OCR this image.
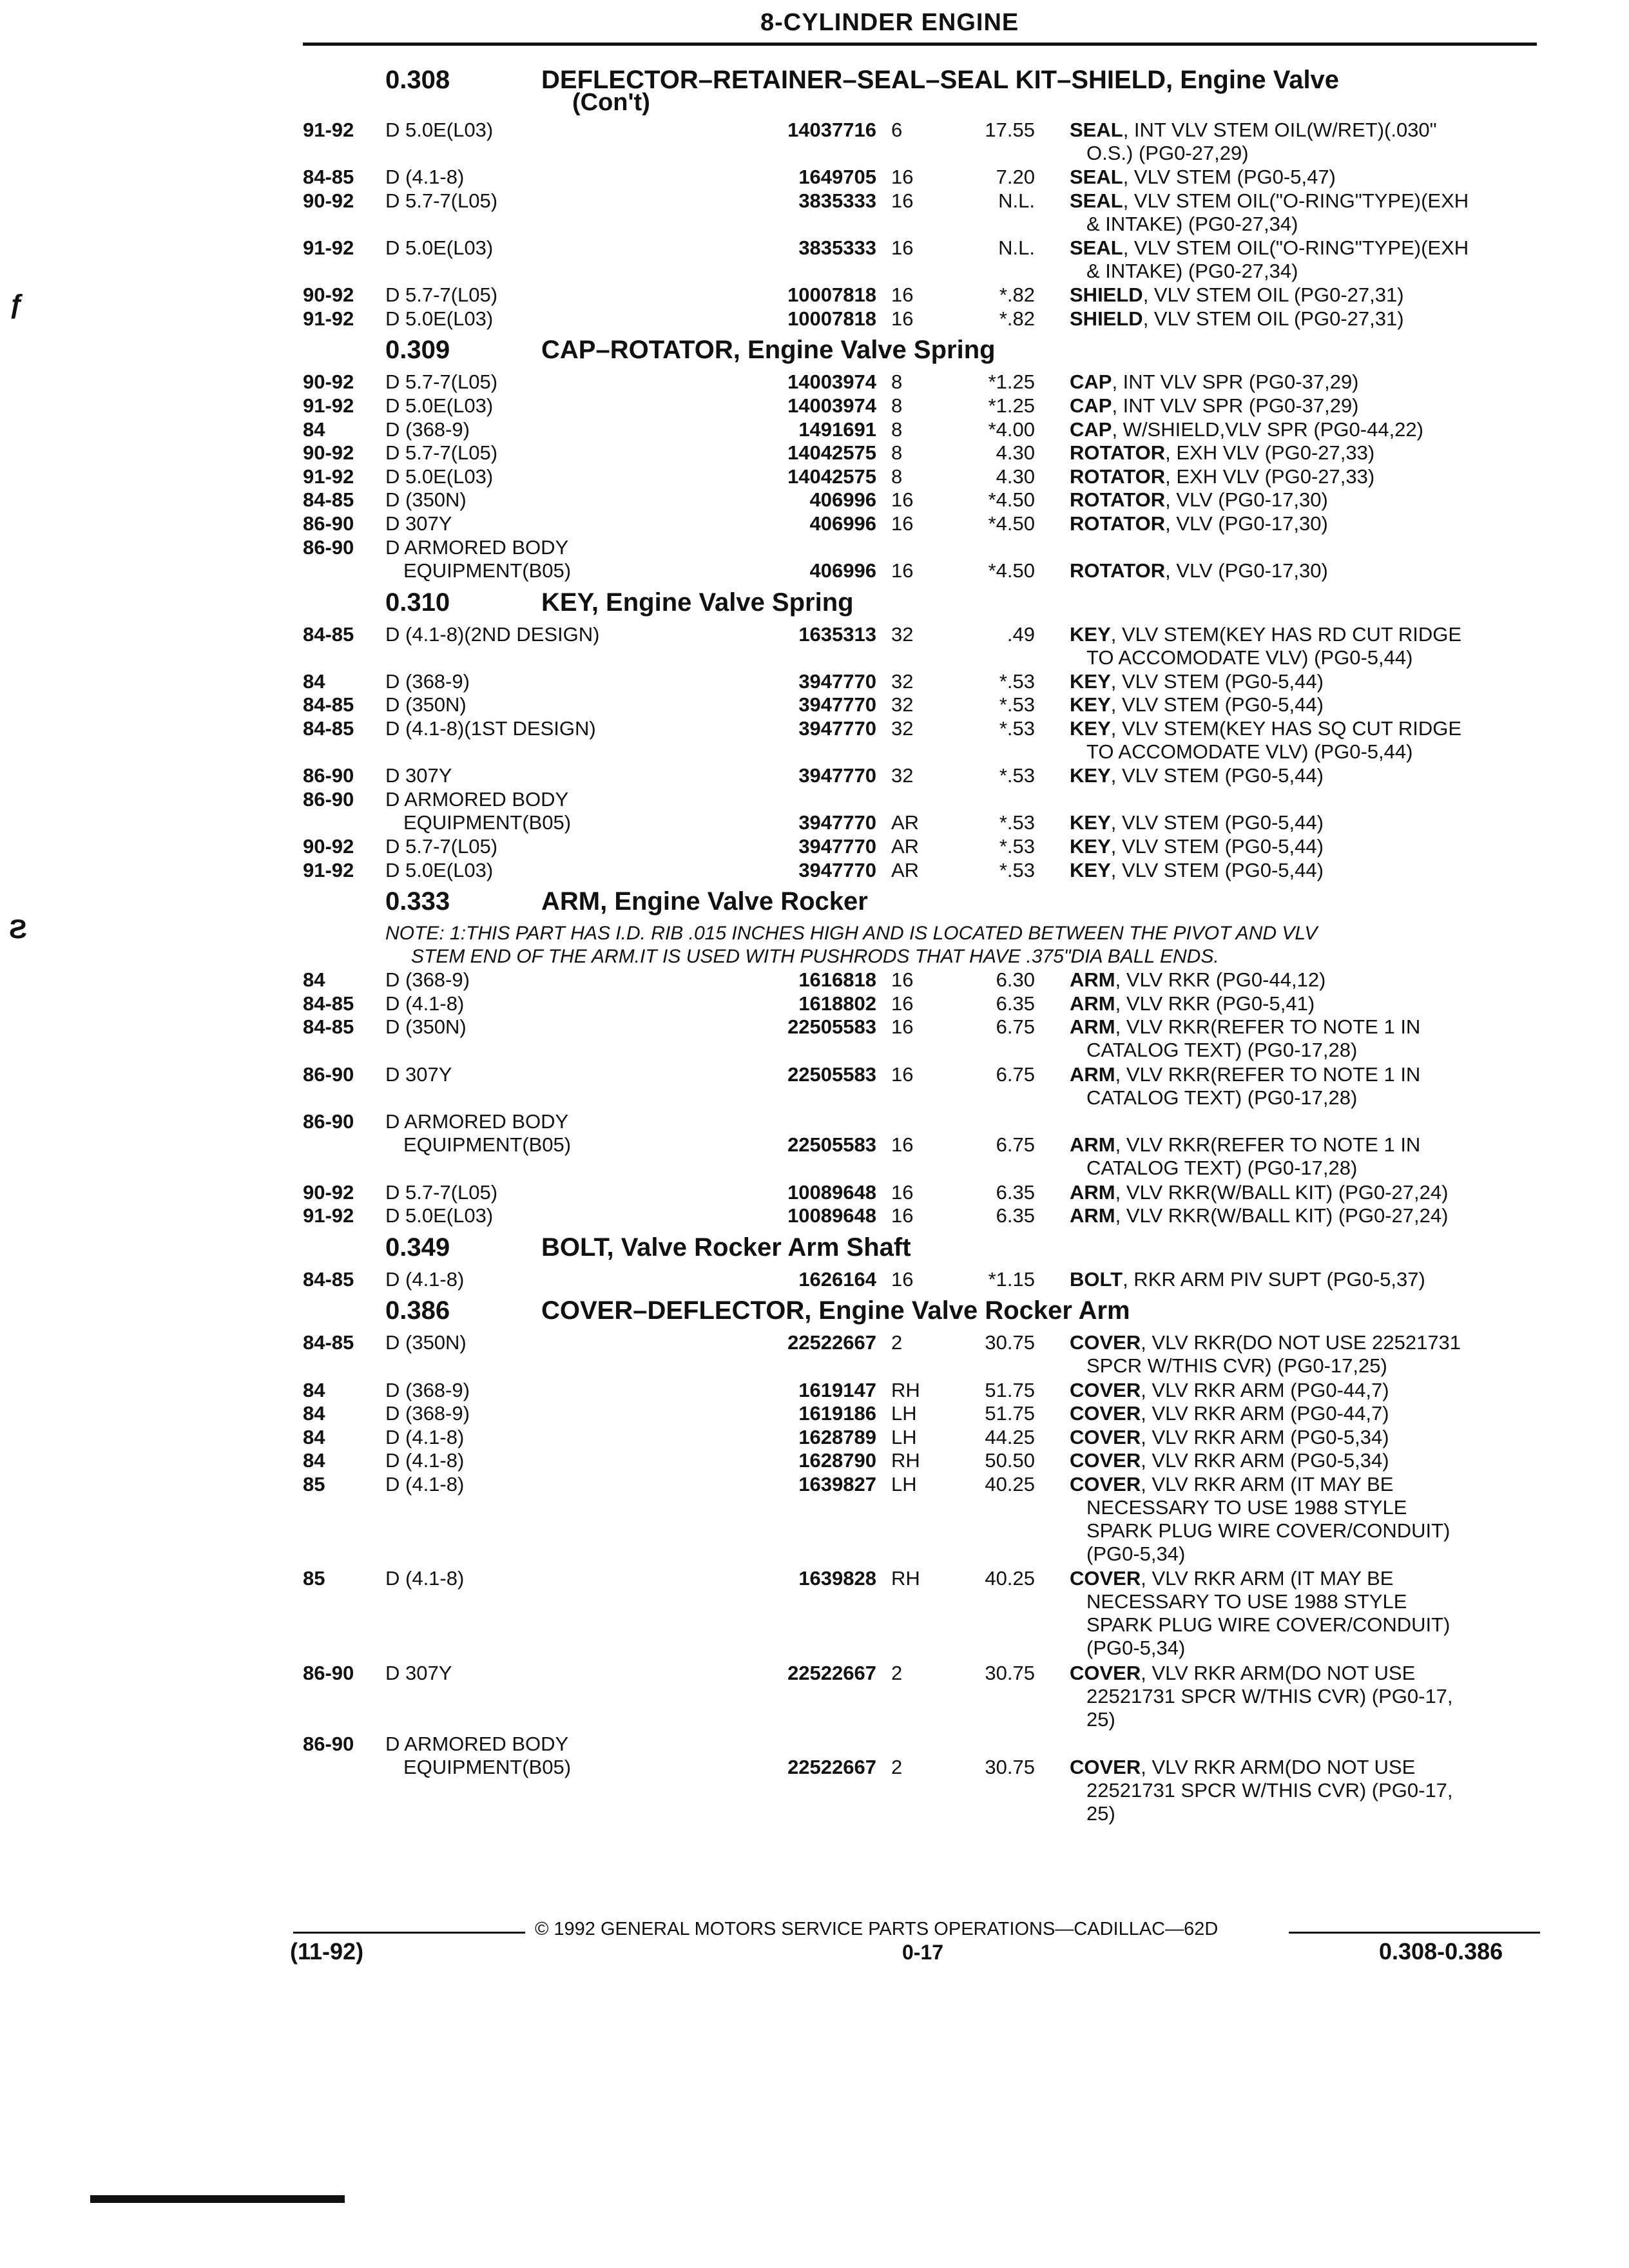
8-CYLINDER ENGINE
ƒ
Ƨ
0.308	DEFLECTOR–RETAINER–SEAL–SEAL KIT–SHIELD, Engine Valve
(Con't)
91-92 D 5.0E(L03)	14037716 6	17.55 SEAL, INT VLV STEM OIL(W/RET)(.030"
O.S.) (PG0-27,29)
84-85 D (4.1-8)	1649705 16	7.20 SEAL, VLV STEM (PG0-5,47)
90-92 D 5.7-7(L05)	3835333 16	N.L. SEAL, VLV STEM OIL("O-RING"TYPE)(EXH
& INTAKE) (PG0-27,34)
91-92 D 5.0E(L03)	3835333 16	N.L. SEAL, VLV STEM OIL("O-RING"TYPE)(EXH
& INTAKE) (PG0-27,34)
90-92 D 5.7-7(L05)	10007818 16	*.82 SHIELD, VLV STEM OIL (PG0-27,31)
91-92 D 5.0E(L03)	10007818 16	*.82 SHIELD, VLV STEM OIL (PG0-27,31)
0.309	CAP–ROTATOR, Engine Valve Spring
90-92 D 5.7-7(L05)	14003974 8	*1.25 CAP, INT VLV SPR (PG0-37,29)
91-92 D 5.0E(L03)	14003974 8	*1.25 CAP, INT VLV SPR (PG0-37,29)
84	D (368-9)	1491691 8	*4.00 CAP, W/SHIELD,VLV SPR (PG0-44,22)
90-92 D 5.7-7(L05)	14042575 8	4.30 ROTATOR, EXH VLV (PG0-27,33)
91-92 D 5.0E(L03)	14042575 8	4.30 ROTATOR, EXH VLV (PG0-27,33)
84-85 D (350N)	406996 16	*4.50 ROTATOR, VLV (PG0-17,30)
86-90 D 307Y	406996 16	*4.50 ROTATOR, VLV (PG0-17,30)
86-90 D ARMORED BODY
EQUIPMENT(B05)	406996 16	*4.50 ROTATOR, VLV (PG0-17,30)
0.310	KEY, Engine Valve Spring
84-85 D (4.1-8)(2ND DESIGN)	1635313 32	.49 KEY, VLV STEM(KEY HAS RD CUT RIDGE
TO ACCOMODATE VLV) (PG0-5,44)
84	D (368-9)	3947770 32	*.53 KEY, VLV STEM (PG0-5,44)
84-85 D (350N)	3947770 32	*.53 KEY, VLV STEM (PG0-5,44)
84-85 D (4.1-8)(1ST DESIGN)	3947770 32	*.53 KEY, VLV STEM(KEY HAS SQ CUT RIDGE
TO ACCOMODATE VLV) (PG0-5,44)
86-90 D 307Y	3947770 32	*.53 KEY, VLV STEM (PG0-5,44)
86-90 D ARMORED BODY
EQUIPMENT(B05)	3947770 AR	*.53 KEY, VLV STEM (PG0-5,44)
90-92 D 5.7-7(L05)	3947770 AR	*.53 KEY, VLV STEM (PG0-5,44)
91-92 D 5.0E(L03)	3947770 AR	*.53 KEY, VLV STEM (PG0-5,44)
0.333	ARM, Engine Valve Rocker
NOTE: 1:THIS PART HAS I.D. RIB .015 INCHES HIGH AND IS LOCATED BETWEEN THE PIVOT AND VLV
STEM END OF THE ARM.IT IS USED WITH PUSHRODS THAT HAVE .375"DIA BALL ENDS.
84	D (368-9)	1616818 16	6.30 ARM, VLV RKR (PG0-44,12)
84-85 D (4.1-8)	1618802 16	6.35 ARM, VLV RKR (PG0-5,41)
84-85 D (350N)	22505583 16	6.75 ARM, VLV RKR(REFER TO NOTE 1 IN
CATALOG TEXT) (PG0-17,28)
86-90 D 307Y	22505583 16	6.75 ARM, VLV RKR(REFER TO NOTE 1 IN
CATALOG TEXT) (PG0-17,28)
86-90 D ARMORED BODY
EQUIPMENT(B05)	22505583 16	6.75 ARM, VLV RKR(REFER TO NOTE 1 IN
CATALOG TEXT) (PG0-17,28)
90-92 D 5.7-7(L05)	10089648 16	6.35 ARM, VLV RKR(W/BALL KIT) (PG0-27,24)
91-92 D 5.0E(L03)	10089648 16	6.35 ARM, VLV RKR(W/BALL KIT) (PG0-27,24)
0.349	BOLT, Valve Rocker Arm Shaft
84-85 D (4.1-8)	1626164 16	*1.15 BOLT, RKR ARM PIV SUPT (PG0-5,37)
0.386	COVER–DEFLECTOR, Engine Valve Rocker Arm
84-85 D (350N)	22522667 2	30.75 COVER, VLV RKR(DO NOT USE 22521731
SPCR W/THIS CVR) (PG0-17,25)
84	D (368-9)	1619147 RH	51.75 COVER, VLV RKR ARM (PG0-44,7)
84	D (368-9)	1619186 LH	51.75 COVER, VLV RKR ARM (PG0-44,7)
84	D (4.1-8)	1628789 LH	44.25 COVER, VLV RKR ARM (PG0-5,34)
84	D (4.1-8)	1628790 RH	50.50 COVER, VLV RKR ARM (PG0-5,34)
85	D (4.1-8)	1639827 LH	40.25 COVER, VLV RKR ARM (IT MAY BE
NECESSARY TO USE 1988 STYLE
SPARK PLUG WIRE COVER/CONDUIT)
(PG0-5,34)
85	D (4.1-8)	1639828 RH	40.25 COVER, VLV RKR ARM (IT MAY BE
NECESSARY TO USE 1988 STYLE
SPARK PLUG WIRE COVER/CONDUIT)
(PG0-5,34)
86-90 D 307Y	22522667 2	30.75 COVER, VLV RKR ARM(DO NOT USE
22521731 SPCR W/THIS CVR) (PG0-17,
25)
86-90 D ARMORED BODY
EQUIPMENT(B05)	22522667 2	30.75 COVER, VLV RKR ARM(DO NOT USE
22521731 SPCR W/THIS CVR) (PG0-17,
25)
© 1992 GENERAL MOTORS SERVICE PARTS OPERATIONS—CADILLAC—62D
(11-92)	0-17	0.308-0.386
